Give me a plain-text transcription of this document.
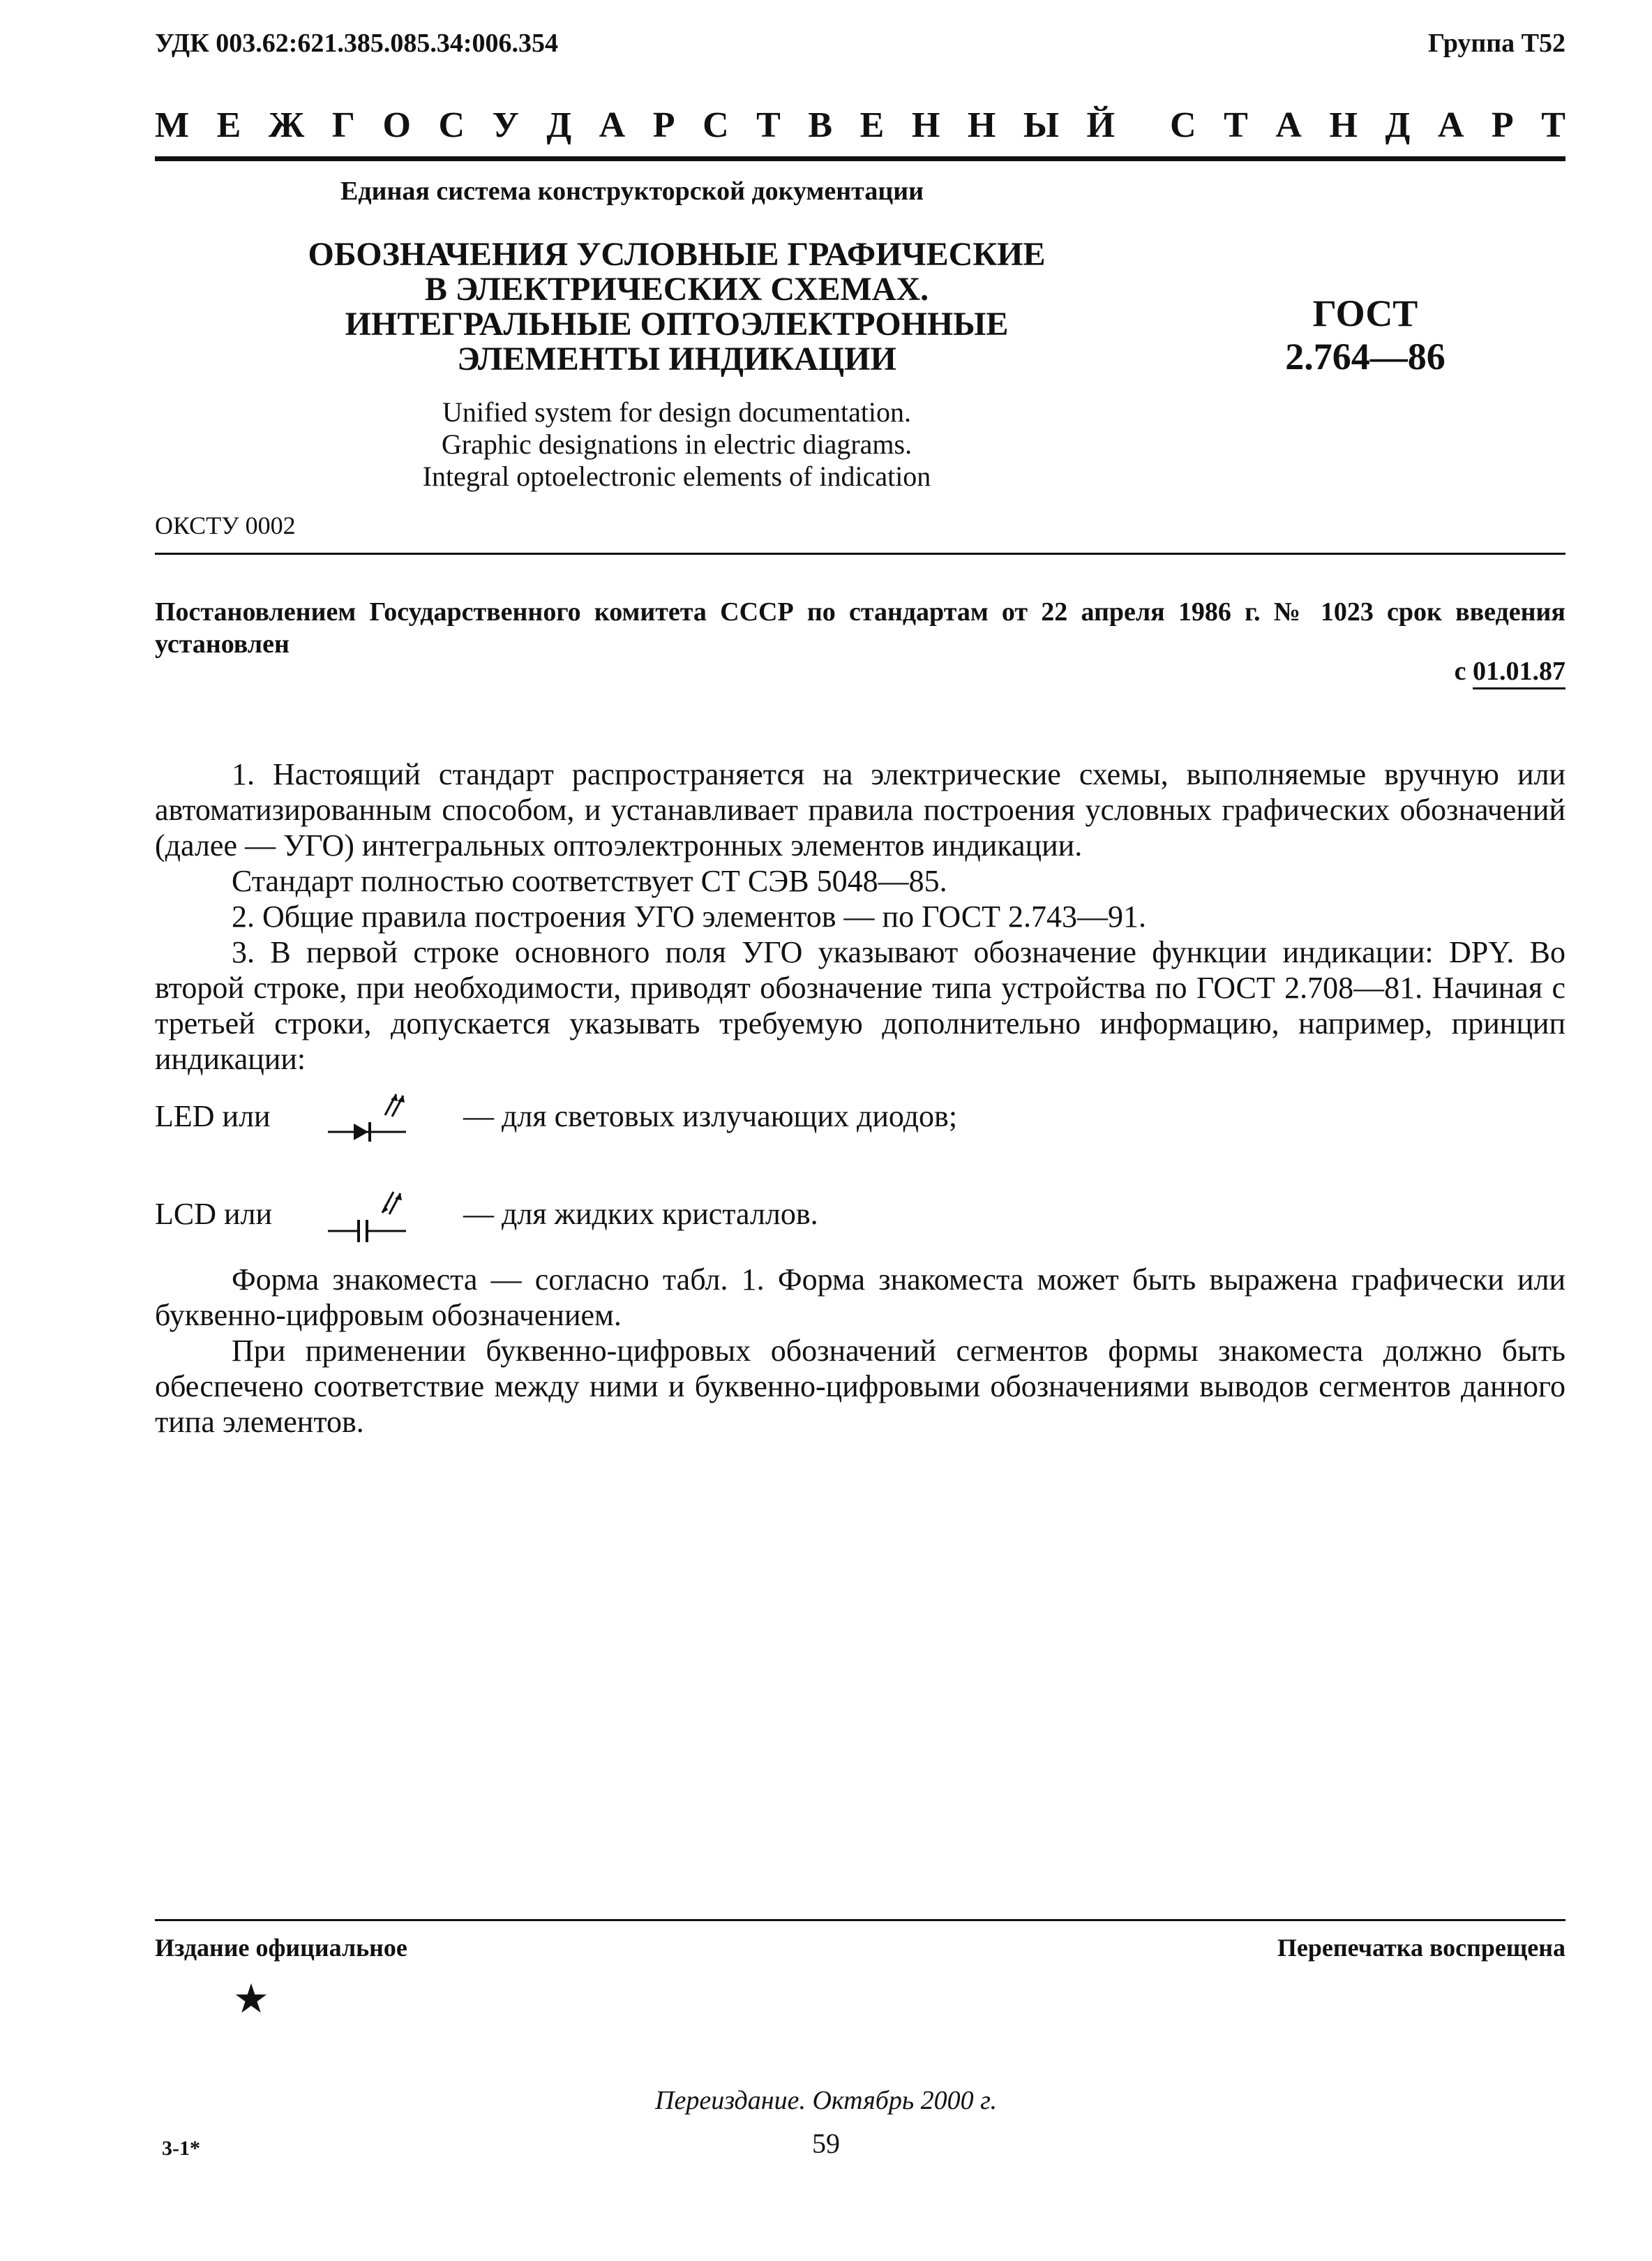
УДК 003.62:621.385.085.34:006.354	Группа Т52
М Е Ж Г О С У Д А Р С Т В Е Н Н Ы Й С Т А Н Д А Р Т
Единая система конструкторской документации
ОБОЗНАЧЕНИЯ УСЛОВНЫЕ ГРАФИЧЕСКИЕ
В ЭЛЕКТРИЧЕСКИХ СХЕМАХ.
ИНТЕГРАЛЬНЫЕ ОПТОЭЛЕКТРОННЫЕ
ЭЛЕМЕНТЫ ИНДИКАЦИИ
ГОСТ
2.764—86
Unified system for design documentation.
Graphic designations in electric diagrams.
Integral optoelectronic elements of indication
ОКСТУ 0002
Постановлением Государственного комитета СССР по стандартам от 22 апреля 1986 г. № 1023 срок введения установлен
с 01.01.87
1. Настоящий стандарт распространяется на электрические схемы, выполняемые вручную или автоматизированным способом, и устанавливает правила построения условных графических обозначений (далее — УГО) интегральных оптоэлектронных элементов индикации.
Стандарт полностью соответствует СТ СЭВ 5048—85.
2. Общие правила построения УГО элементов — по ГОСТ 2.743—91.
3. В первой строке основного поля УГО указывают обозначение функции индикации: DPY. Во второй строке, при необходимости, приводят обозначение типа устройства по ГОСТ 2.708—81. Начиная с третьей строки, допускается указывать требуемую дополнительно информацию, например, принцип индикации:
LED или	— для световых излучающих диодов;
LCD или	— для жидких кристаллов.
Форма знакоместа — согласно табл. 1. Форма знакоместа может быть выражена графически или буквенно-цифровым обозначением.
При применении буквенно-цифровых обозначений сегментов формы знакоместа должно быть обеспечено соответствие между ними и буквенно-цифровыми обозначениями выводов сегментов данного типа элементов.
Издание официальное	Перепечатка воспрещена
★
Переиздание. Октябрь 2000 г.
3-1*	59
